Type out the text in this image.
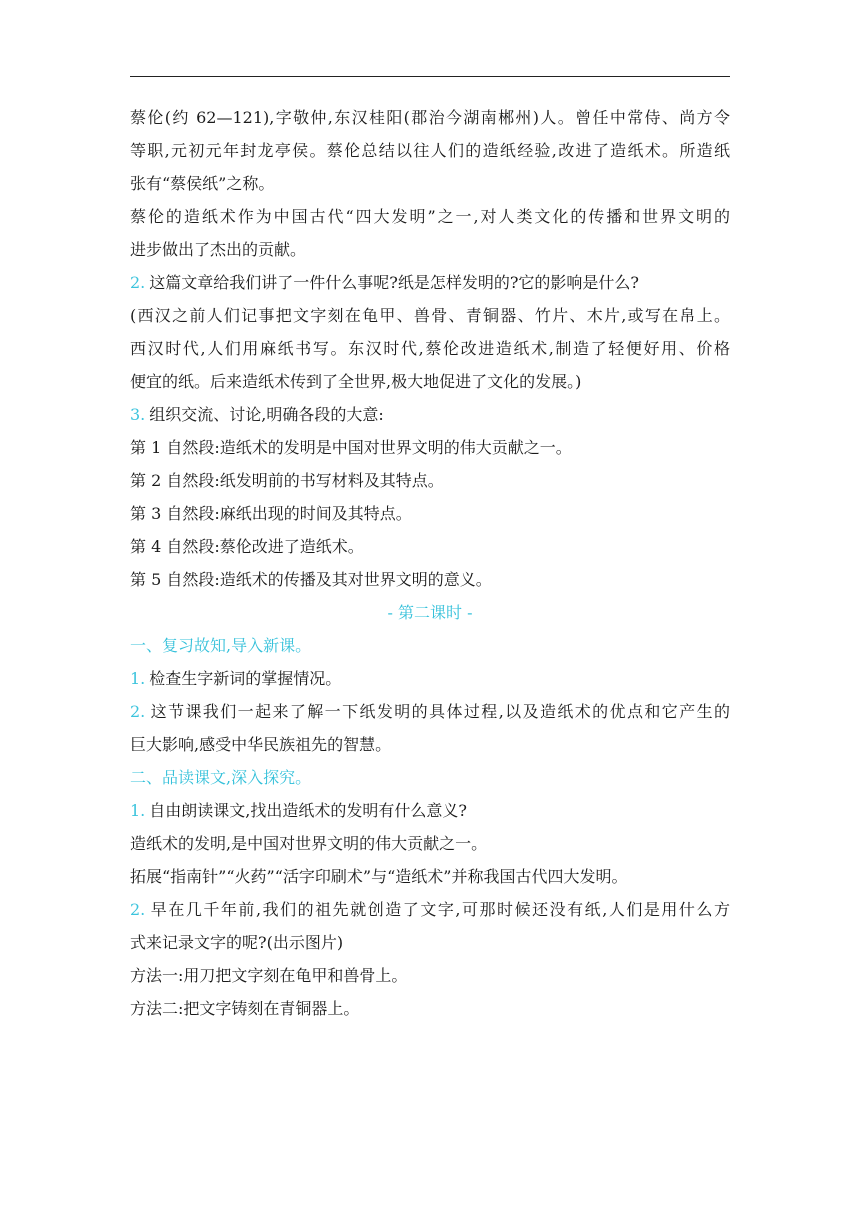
蔡伦(约 62—121),字敬仲,东汉桂阳(郡治今湖南郴州)人。曾任中常侍、尚方令
等职,元初元年封龙亭侯。蔡伦总结以往人们的造纸经验,改进了造纸术。所造纸
张有“蔡侯纸”之称。
蔡伦的造纸术作为中国古代“四大发明”之一,对人类文化的传播和世界文明的
进步做出了杰出的贡献。
2. 这篇文章给我们讲了一件什么事呢?纸是怎样发明的?它的影响是什么?
(西汉之前人们记事把文字刻在龟甲、兽骨、青铜器、竹片、木片,或写在帛上。
西汉时代,人们用麻纸书写。东汉时代,蔡伦改进造纸术,制造了轻便好用、价格
便宜的纸。后来造纸术传到了全世界,极大地促进了文化的发展。)
3. 组织交流、讨论,明确各段的大意:
第 1 自然段:造纸术的发明是中国对世界文明的伟大贡献之一。
第 2 自然段:纸发明前的书写材料及其特点。
第 3 自然段:麻纸出现的时间及其特点。
第 4 自然段:蔡伦改进了造纸术。
第 5 自然段:造纸术的传播及其对世界文明的意义。
- 第二课时 -
一、复习故知,导入新课。
1. 检查生字新词的掌握情况。
2. 这节课我们一起来了解一下纸发明的具体过程,以及造纸术的优点和它产生的
巨大影响,感受中华民族祖先的智慧。
二、品读课文,深入探究。
1. 自由朗读课文,找出造纸术的发明有什么意义?
造纸术的发明,是中国对世界文明的伟大贡献之一。
拓展“指南针”“火药”“活字印刷术”与“造纸术”并称我国古代四大发明。
2. 早在几千年前,我们的祖先就创造了文字,可那时候还没有纸,人们是用什么方
式来记录文字的呢?(出示图片)
方法一:用刀把文字刻在龟甲和兽骨上。
方法二:把文字铸刻在青铜器上。
